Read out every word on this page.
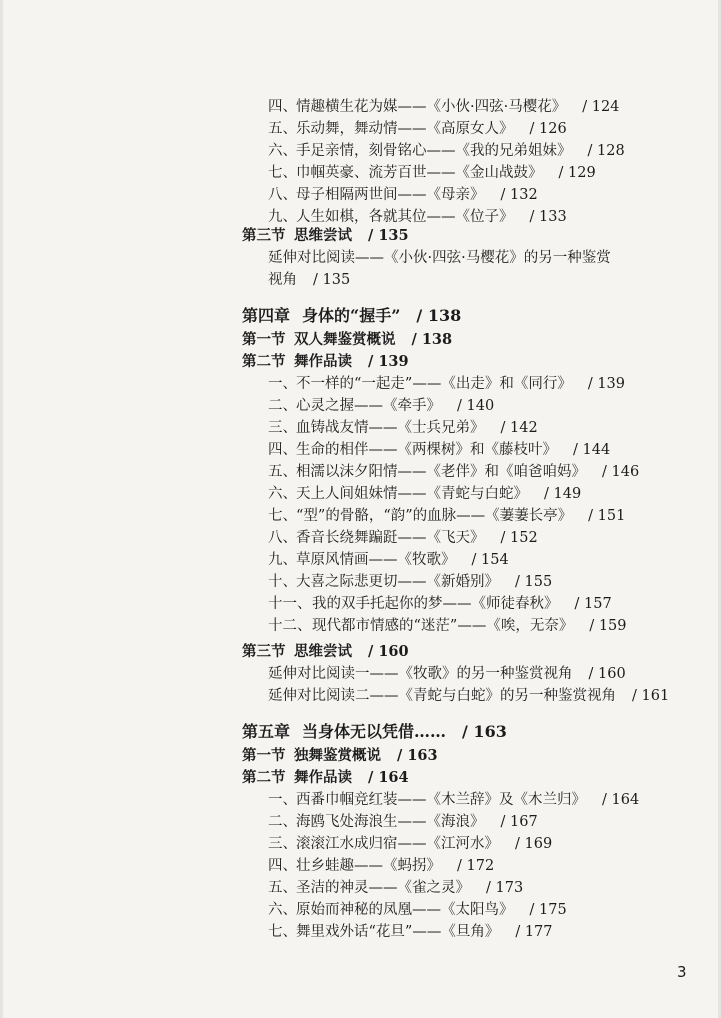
四、情趣横生花为媒——《小伙·四弦·马樱花》 / 124
五、乐动舞，舞动情——《高原女人》 / 126
六、手足亲情，刻骨铭心——《我的兄弟姐妹》 / 128
七、巾帼英豪、流芳百世——《金山战鼓》 / 129
八、母子相隔两世间——《母亲》 / 132
九、人生如棋，各就其位——《位子》 / 133
第三节 思维尝试 / 135
延伸对比阅读——《小伙·四弦·马樱花》的另一种鉴赏
视角 / 135
第四章 身体的“握手” / 138
第一节 双人舞鉴赏概说 / 138
第二节 舞作品读 / 139
一、不一样的“一起走”——《出走》和《同行》 / 139
二、心灵之握——《牵手》 / 140
三、血铸战友情——《士兵兄弟》 / 142
四、生命的相伴——《两棵树》和《藤枝叶》 / 144
五、相濡以沫夕阳情——《老伴》和《咱爸咱妈》 / 146
六、天上人间姐妹情——《青蛇与白蛇》 / 149
七、“型”的骨骼，“韵”的血脉——《萋萋长亭》 / 151
八、香音长绕舞蹁跹——《飞天》 / 152
九、草原风情画——《牧歌》 / 154
十、大喜之际悲更切——《新婚别》 / 155
十一、我的双手托起你的梦——《师徒春秋》 / 157
十二、现代都市情感的“迷茫”——《唉，无奈》 / 159
第三节 思维尝试 / 160
延伸对比阅读一——《牧歌》的另一种鉴赏视角 / 160
延伸对比阅读二——《青蛇与白蛇》的另一种鉴赏视角 / 161
第五章 当身体无以凭借…… / 163
第一节 独舞鉴赏概说 / 163
第二节 舞作品读 / 164
一、西番巾帼竞红装——《木兰辞》及《木兰归》 / 164
二、海鸥飞处海浪生——《海浪》 / 167
三、滚滚江水成归宿——《江河水》 / 169
四、壮乡蛙趣——《蚂拐》 / 172
五、圣洁的神灵——《雀之灵》 / 173
六、原始而神秘的凤凰——《太阳鸟》 / 175
七、舞里戏外话“花旦”——《旦角》 / 177
3
